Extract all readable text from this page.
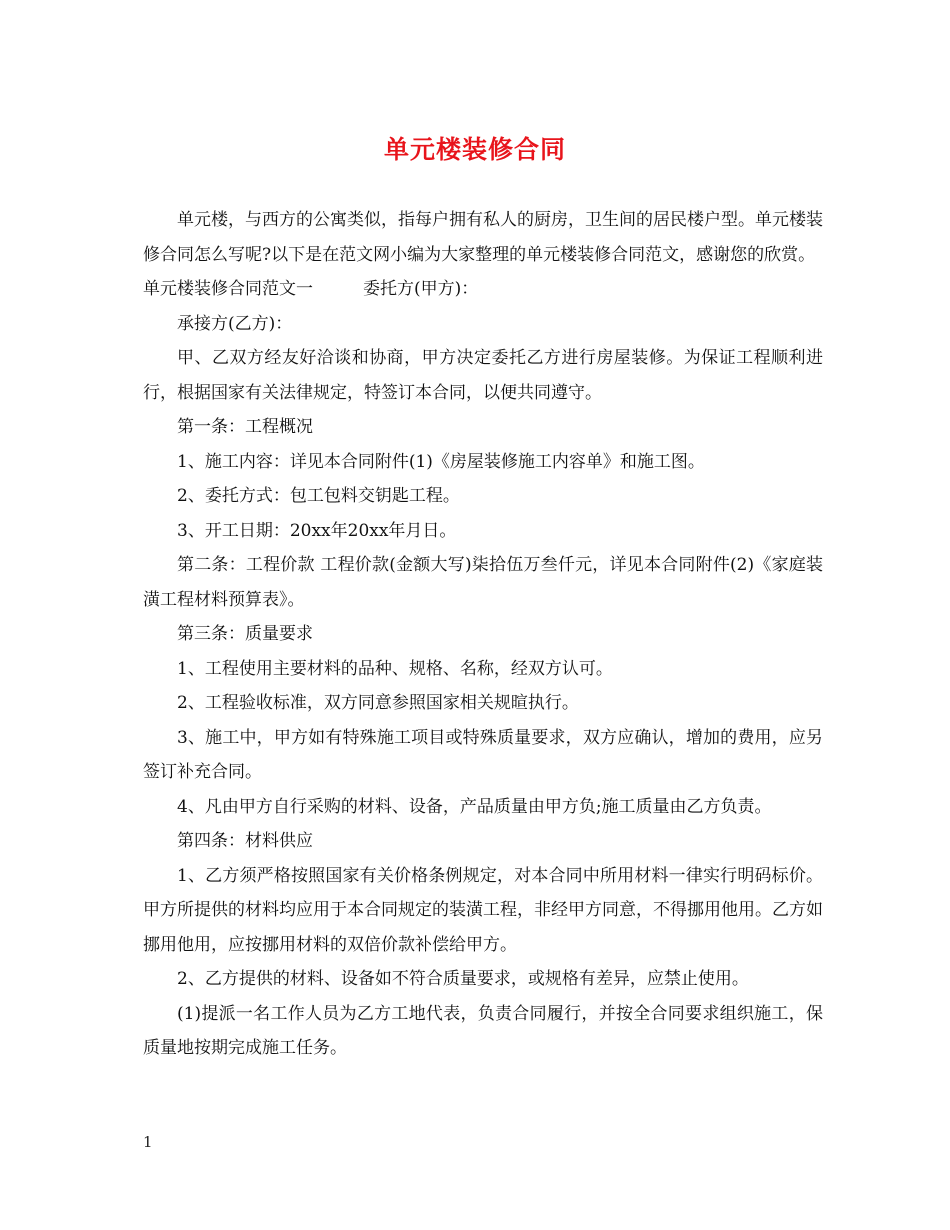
单元楼装修合同

单元楼，与西方的公寓类似，指每户拥有私人的厨房，卫生间的居民楼户型。单元楼装修合同怎么写呢?以下是在范文网小编为大家整理的单元楼装修合同范文，感谢您的欣赏。

单元楼装修合同范文一	委托方(甲方)：

承接方(乙方)：

甲、乙双方经友好洽谈和协商，甲方决定委托乙方进行房屋装修。为保证工程顺利进行，根据国家有关法律规定，特签订本合同，以便共同遵守。

第一条：工程概况

1、施工内容：详见本合同附件(1)《房屋装修施工内容单》和施工图。

2、委托方式：包工包料交钥匙工程。

3、开工日期：20xx年20xx年月日。

第二条：工程价款 工程价款(金额大写)柒拾伍万叁仟元，详见本合同附件(2)《家庭装潢工程材料预算表》。

第三条：质量要求

1、工程使用主要材料的品种、规格、名称，经双方认可。

2、工程验收标准，双方同意参照国家相关规暄执行。

3、施工中，甲方如有特殊施工项目或特殊质量要求，双方应确认，增加的费用，应另签订补充合同。

4、凡由甲方自行采购的材料、设备，产品质量由甲方负;施工质量由乙方负责。

第四条：材料供应

1、乙方须严格按照国家有关价格条例规定，对本合同中所用材料一律实行明码标价。甲方所提供的材料均应用于本合同规定的装潢工程，非经甲方同意，不得挪用他用。乙方如挪用他用，应按挪用材料的双倍价款补偿给甲方。

2、乙方提供的材料、设备如不符合质量要求，或规格有差异，应禁止使用。

(1)提派一名工作人员为乙方工地代表，负责合同履行，并按全合同要求组织施工，保质量地按期完成施工任务。

1
